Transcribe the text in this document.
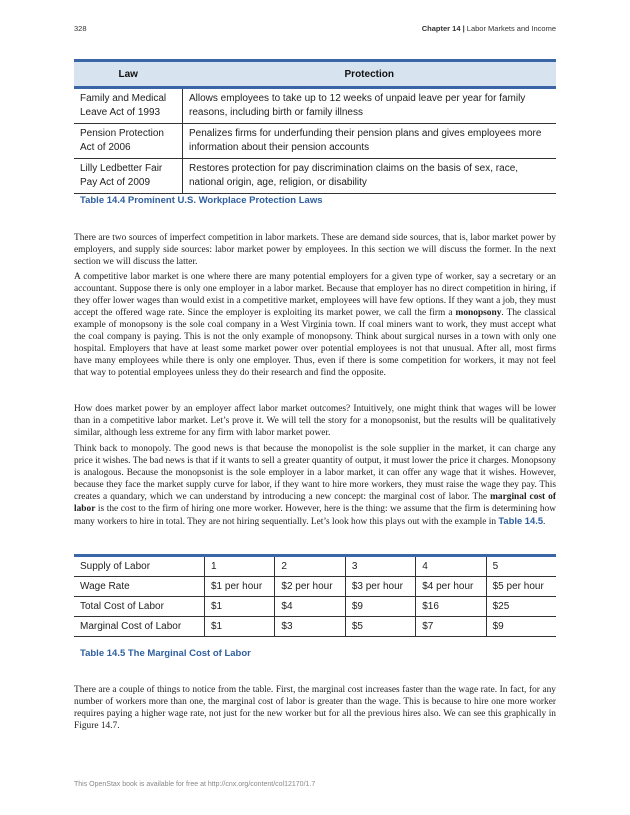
328	Chapter 14 | Labor Markets and Income
Law	Protection
Family and Medical Leave Act of 1993	Allows employees to take up to 12 weeks of unpaid leave per year for family reasons, including birth or family illness
Pension Protection Act of 2006	Penalizes firms for underfunding their pension plans and gives employees more information about their pension accounts
Lilly Ledbetter Fair Pay Act of 2009	Restores protection for pay discrimination claims on the basis of sex, race, national origin, age, religion, or disability
Table 14.4 Prominent U.S. Workplace Protection Laws

There are two sources of imperfect competition in labor markets. These are demand side sources, that is, labor market power by employers, and supply side sources: labor market power by employees. In this section we will discuss the former. In the next section we will discuss the latter.

A competitive labor market is one where there are many potential employers for a given type of worker, say a secretary or an accountant. Suppose there is only one employer in a labor market. Because that employer has no direct competition in hiring, if they offer lower wages than would exist in a competitive market, employees will have few options. If they want a job, they must accept the offered wage rate. Since the employer is exploiting its market power, we call the firm a monopsony. The classical example of monopsony is the sole coal company in a West Virginia town. If coal miners want to work, they must accept what the coal company is paying. This is not the only example of monopsony. Think about surgical nurses in a town with only one hospital. Employers that have at least some market power over potential employees is not that unusual. After all, most firms have many employees while there is only one employer. Thus, even if there is some competition for workers, it may not feel that way to potential employees unless they do their research and find the opposite.

How does market power by an employer affect labor market outcomes? Intuitively, one might think that wages will be lower than in a competitive labor market. Let’s prove it. We will tell the story for a monopsonist, but the results will be qualitatively similar, although less extreme for any firm with labor market power.

Think back to monopoly. The good news is that because the monopolist is the sole supplier in the market, it can charge any price it wishes. The bad news is that if it wants to sell a greater quantity of output, it must lower the price it charges. Monopsony is analogous. Because the monopsonist is the sole employer in a labor market, it can offer any wage that it wishes. However, because they face the market supply curve for labor, if they want to hire more workers, they must raise the wage they pay. This creates a quandary, which we can understand by introducing a new concept: the marginal cost of labor. The marginal cost of labor is the cost to the firm of hiring one more worker. However, here is the thing: we assume that the firm is determining how many workers to hire in total. They are not hiring sequentially. Let’s look how this plays out with the example in Table 14.5.

Supply of Labor	1	2	3	4	5
Wage Rate	$1 per hour	$2 per hour	$3 per hour	$4 per hour	$5 per hour
Total Cost of Labor	$1	$4	$9	$16	$25
Marginal Cost of Labor	$1	$3	$5	$7	$9
Table 14.5 The Marginal Cost of Labor

There are a couple of things to notice from the table. First, the marginal cost increases faster than the wage rate. In fact, for any number of workers more than one, the marginal cost of labor is greater than the wage. This is because to hire one more worker requires paying a higher wage rate, not just for the new worker but for all the previous hires also. We can see this graphically in Figure 14.7.

This OpenStax book is available for free at http://cnx.org/content/col12170/1.7
